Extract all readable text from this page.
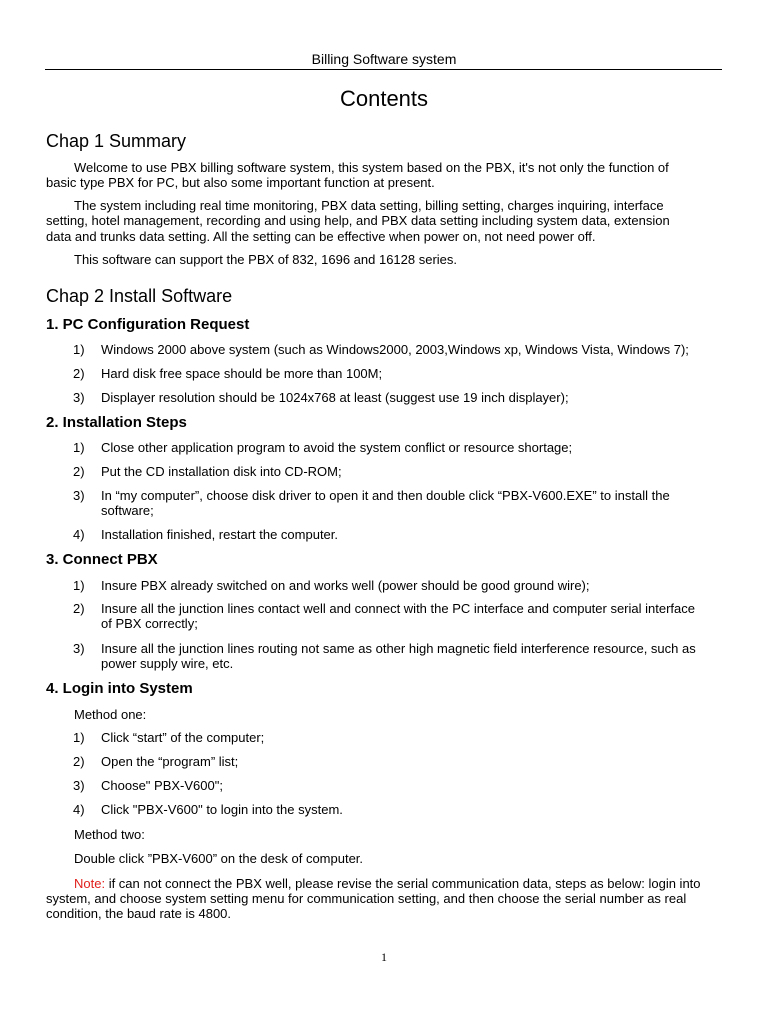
Billing Software system
Contents
Chap 1 Summary
Welcome to use PBX billing software system, this system based on the PBX, it's not only the function of
basic type PBX for PC, but also some important function at present.
The system including real time monitoring, PBX data setting, billing setting, charges inquiring, interface
setting, hotel management, recording and using help, and PBX data setting including system data, extension
data and trunks data setting. All the setting can be effective when power on, not need power off.
This software can support the PBX of 832, 1696 and 16128 series.
Chap 2 Install Software
1. PC Configuration Request
1) Windows 2000 above system (such as Windows2000, 2003,Windows xp, Windows Vista, Windows 7);
2) Hard disk free space should be more than 100M;
3) Displayer resolution should be 1024x768 at least (suggest use 19 inch displayer);
2. Installation Steps
1) Close other application program to avoid the system conflict or resource shortage;
2) Put the CD installation disk into CD-ROM;
3) In “my computer”, choose disk driver to open it and then double click “PBX-V600.EXE” to install the
software;
4) Installation finished, restart the computer.
3. Connect PBX
1) Insure PBX already switched on and works well (power should be good ground wire);
2) Insure all the junction lines contact well and connect with the PC interface and computer serial interface
of PBX correctly;
3) Insure all the junction lines routing not same as other high magnetic field interference resource, such as
power supply wire, etc.
4. Login into System
Method one:
1) Click “start” of the computer;
2) Open the “program” list;
3) Choose" PBX-V600";
4) Click "PBX-V600" to login into the system.
Method two:
Double click ”PBX-V600” on the desk of computer.
Note: if can not connect the PBX well, please revise the serial communication data, steps as below: login into
system, and choose system setting menu for communication setting, and then choose the serial number as real
condition, the baud rate is 4800.
1
